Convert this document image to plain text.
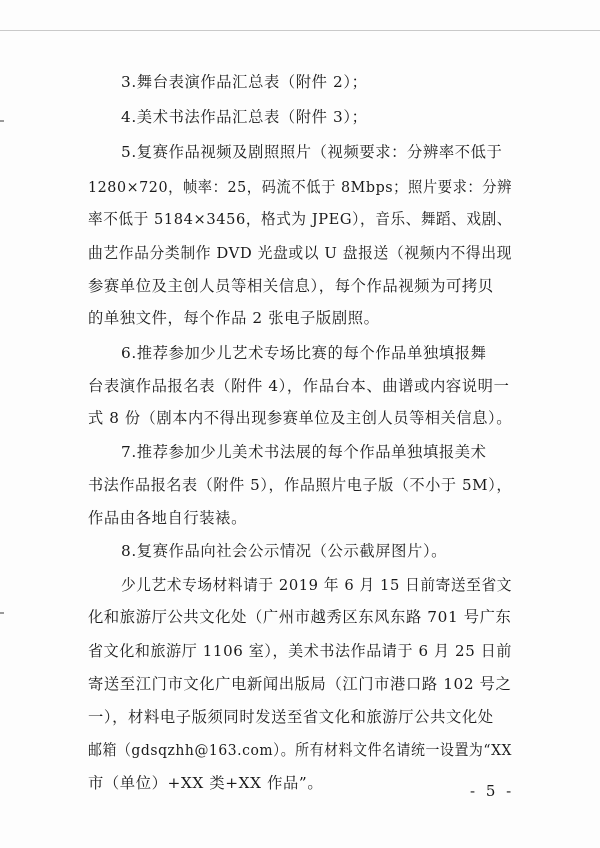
3.舞台表演作品汇总表（附件 2）；
4.美术书法作品汇总表（附件 3）；
5.复赛作品视频及剧照照片（视频要求：分辨率不低于
1280×720，帧率：25，码流不低于 8Mbps；照片要求：分辨
率不低于 5184×3456，格式为 JPEG），音乐、舞蹈、戏剧、
曲艺作品分类制作 DVD 光盘或以 U 盘报送（视频内不得出现
参赛单位及主创人员等相关信息），每个作品视频为可拷贝
的单独文件，每个作品 2 张电子版剧照。
6.推荐参加少儿艺术专场比赛的每个作品单独填报舞
台表演作品报名表（附件 4），作品台本、曲谱或内容说明一
式 8 份（剧本内不得出现参赛单位及主创人员等相关信息）。
7.推荐参加少儿美术书法展的每个作品单独填报美术
书法作品报名表（附件 5），作品照片电子版（不小于 5M），
作品由各地自行装裱。
8.复赛作品向社会公示情况（公示截屏图片）。
少儿艺术专场材料请于 2019 年 6 月 15 日前寄送至省文
化和旅游厅公共文化处（广州市越秀区东风东路 701 号广东
省文化和旅游厅 1106 室），美术书法作品请于 6 月 25 日前
寄送至江门市文化广电新闻出版局（江门市港口路 102 号之
一），材料电子版须同时发送至省文化和旅游厅公共文化处
邮箱（gdsqzhh@163.com）。所有材料文件名请统一设置为“XX
市（单位）+XX 类+XX 作品”。	- 5 -
